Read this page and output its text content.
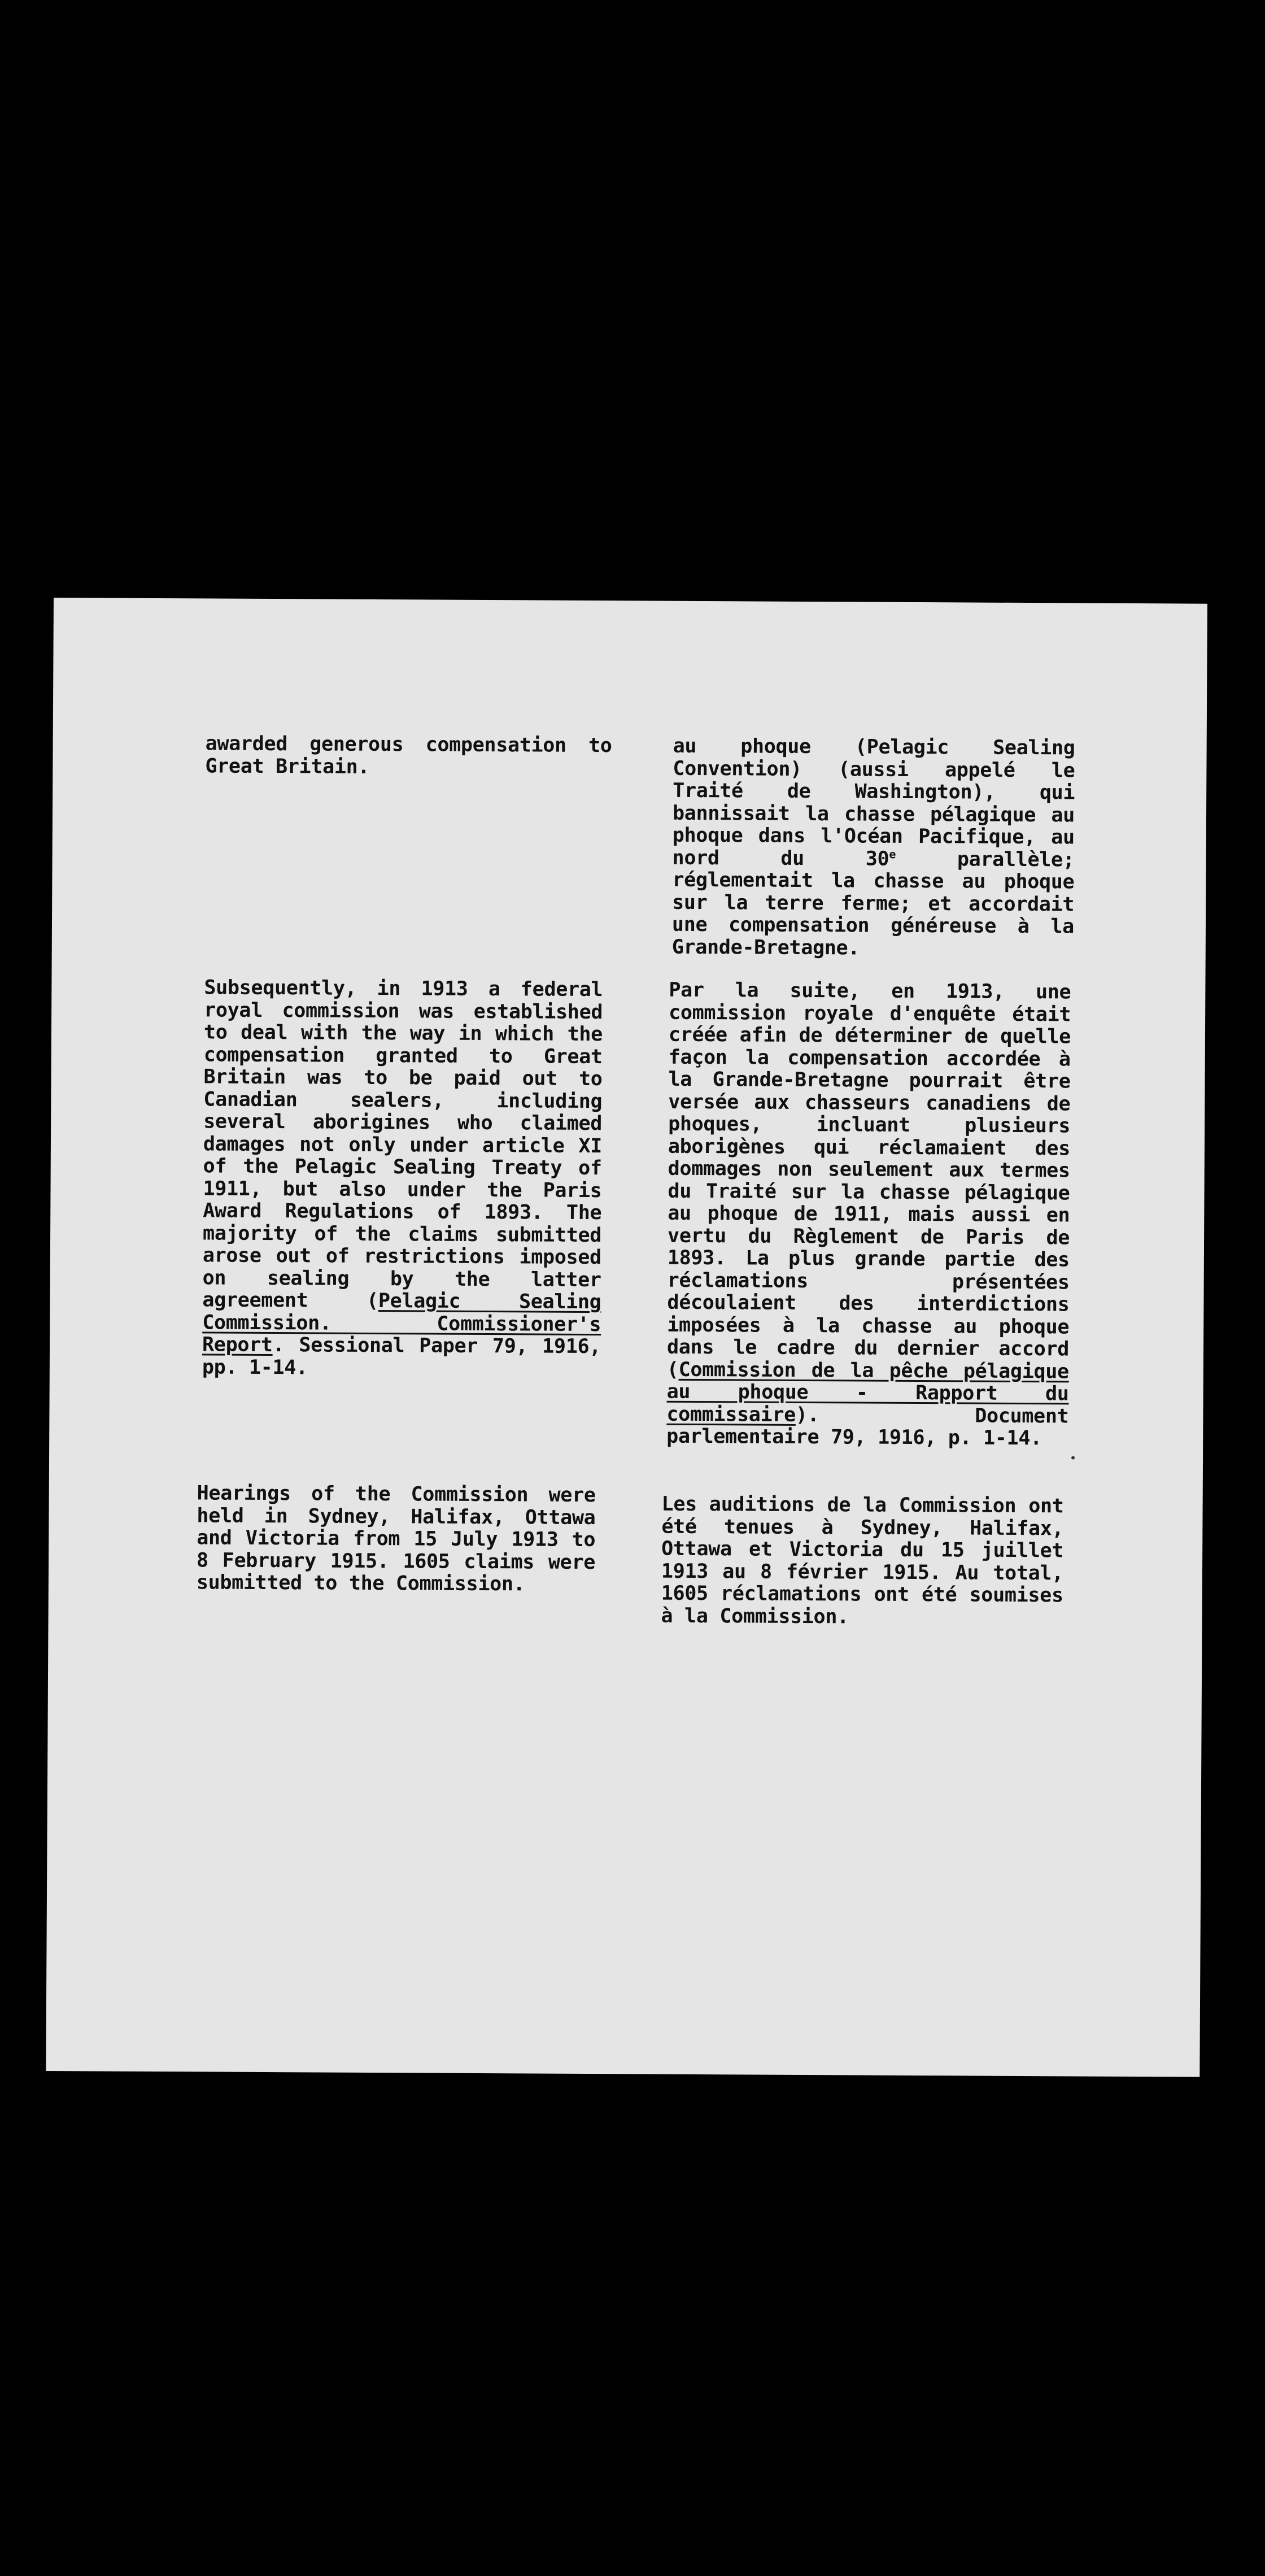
awarded generous compensation to Great Britain.

Subsequently, in 1913 a federal royal commission was established to deal with the way in which the compensation granted to Great Britain was to be paid out to Canadian sealers, including several aborigines who claimed damages not only under article XI of the Pelagic Sealing Treaty of 1911, but also under the Paris Award Regulations of 1893. The majority of the claims submitted arose out of restrictions imposed on sealing by the latter agreement (Pelagic Sealing Commission. Commissioner's Report. Sessional Paper 79, 1916, pp. 1-14.

Hearings of the Commission were held in Sydney, Halifax, Ottawa and Victoria from 15 July 1913 to 8 February 1915. 1605 claims were submitted to the Commission.

au phoque (Pelagic Sealing Convention) (aussi appelé le Traité de Washington), qui bannissait la chasse pélagique au phoque dans l'Océan Pacifique, au nord du 30e parallèle; réglementait la chasse au phoque sur la terre ferme; et accordait une compensation généreuse à la Grande-Bretagne.

Par la suite, en 1913, une commission royale d'enquête était créée afin de déterminer de quelle façon la compensation accordée à la Grande-Bretagne pourrait être versée aux chasseurs canadiens de phoques, incluant plusieurs aborigènes qui réclamaient des dommages non seulement aux termes du Traité sur la chasse pélagique au phoque de 1911, mais aussi en vertu du Règlement de Paris de 1893. La plus grande partie des réclamations présentées découlaient des interdictions imposées à la chasse au phoque dans le cadre du dernier accord (Commission de la pêche pélagique au phoque - Rapport du commissaire). Document parlementaire 79, 1916, p. 1-14.

Les auditions de la Commission ont été tenues à Sydney, Halifax, Ottawa et Victoria du 15 juillet 1913 au 8 février 1915. Au total, 1605 réclamations ont été soumises à la Commission.
